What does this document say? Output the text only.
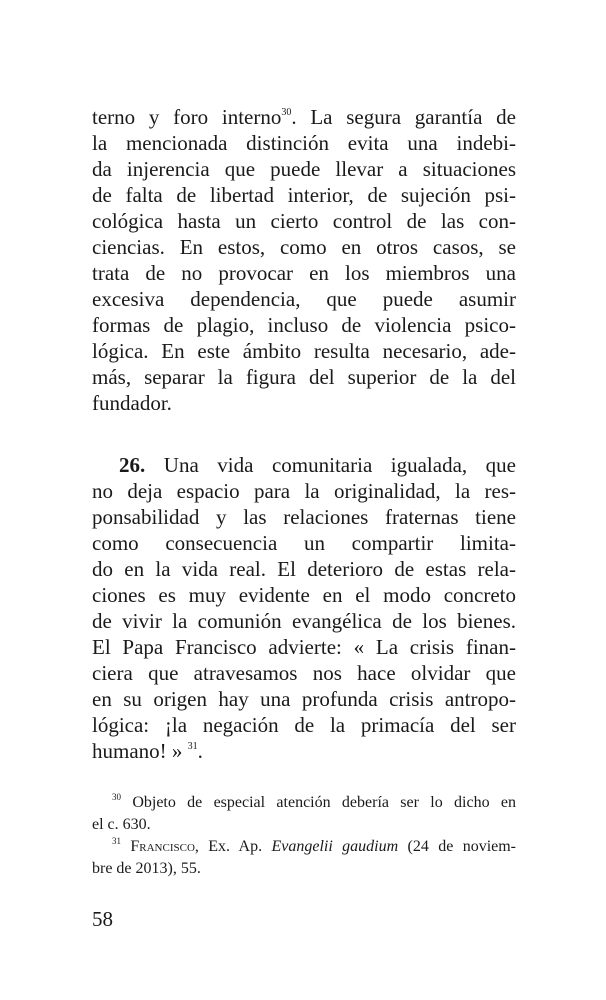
terno y foro interno$^{30}$. La segura garantía de
la mencionada distinción evita una indebi-
da injerencia que puede llevar a situaciones
de falta de libertad interior, de sujeción psi-
cológica hasta un cierto control de las con-
ciencias. En estos, como en otros casos, se
trata de no provocar en los miembros una
excesiva dependencia, que puede asumir
formas de plagio, incluso de violencia psico-
lógica. En este ámbito resulta necesario, ade-
más, separar la figura del superior de la del
fundador.
26. Una vida comunitaria igualada, que
no deja espacio para la originalidad, la res-
ponsabilidad y las relaciones fraternas tiene
como consecuencia un compartir limita-
do en la vida real. El deterioro de estas rela-
ciones es muy evidente en el modo concreto
de vivir la comunión evangélica de los bienes.
El Papa Francisco advierte: « La crisis finan-
ciera que atravesamos nos hace olvidar que
en su origen hay una profunda crisis antropo-
lógica: ¡la negación de la primacía del ser
humano! » $^{31}$.
$^{30}$ Objeto de especial atención debería ser lo dicho en
el c. 630.
$^{31}$ Francisco, Ex. Ap. Evangelii gaudium (24 de noviem-
bre de 2013), 55.
58
